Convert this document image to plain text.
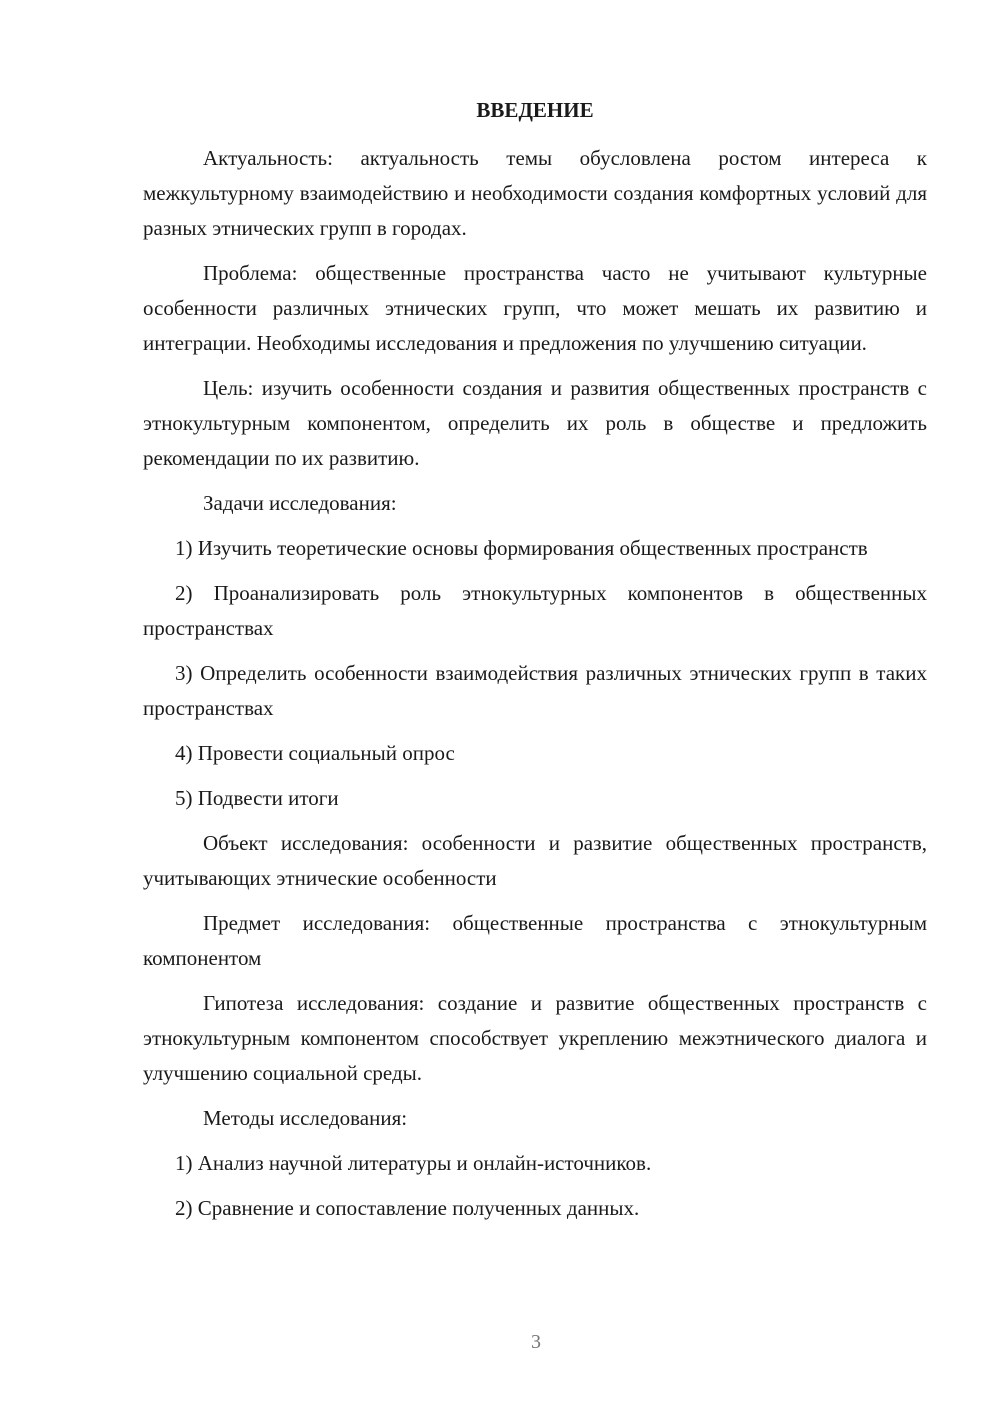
ВВЕДЕНИЕ

Актуальность: актуальность темы обусловлена ростом интереса к межкультурному взаимодействию и необходимости создания комфортных условий для разных этнических групп в городах.

Проблема: общественные пространства часто не учитывают культурные особенности различных этнических групп, что может мешать их развитию и интеграции. Необходимы исследования и предложения по улучшению ситуации.

Цель: изучить особенности создания и развития общественных пространств с этнокультурным компонентом, определить их роль в обществе и предложить рекомендации по их развитию.

Задачи исследования:

1) Изучить теоретические основы формирования общественных пространств

2) Проанализировать роль этнокультурных компонентов в общественных пространствах

3) Определить особенности взаимодействия различных этнических групп в таких пространствах

4) Провести социальный опрос

5) Подвести итоги

Объект исследования: особенности и развитие общественных пространств, учитывающих этнические особенности

Предмет исследования: общественные пространства с этнокультурным компонентом

Гипотеза исследования: создание и развитие общественных пространств с этнокультурным компонентом способствует укреплению межэтнического диалога и улучшению социальной среды.

Методы исследования:

1) Анализ научной литературы и онлайн-источников.

2) Сравнение и сопоставление полученных данных.

3
